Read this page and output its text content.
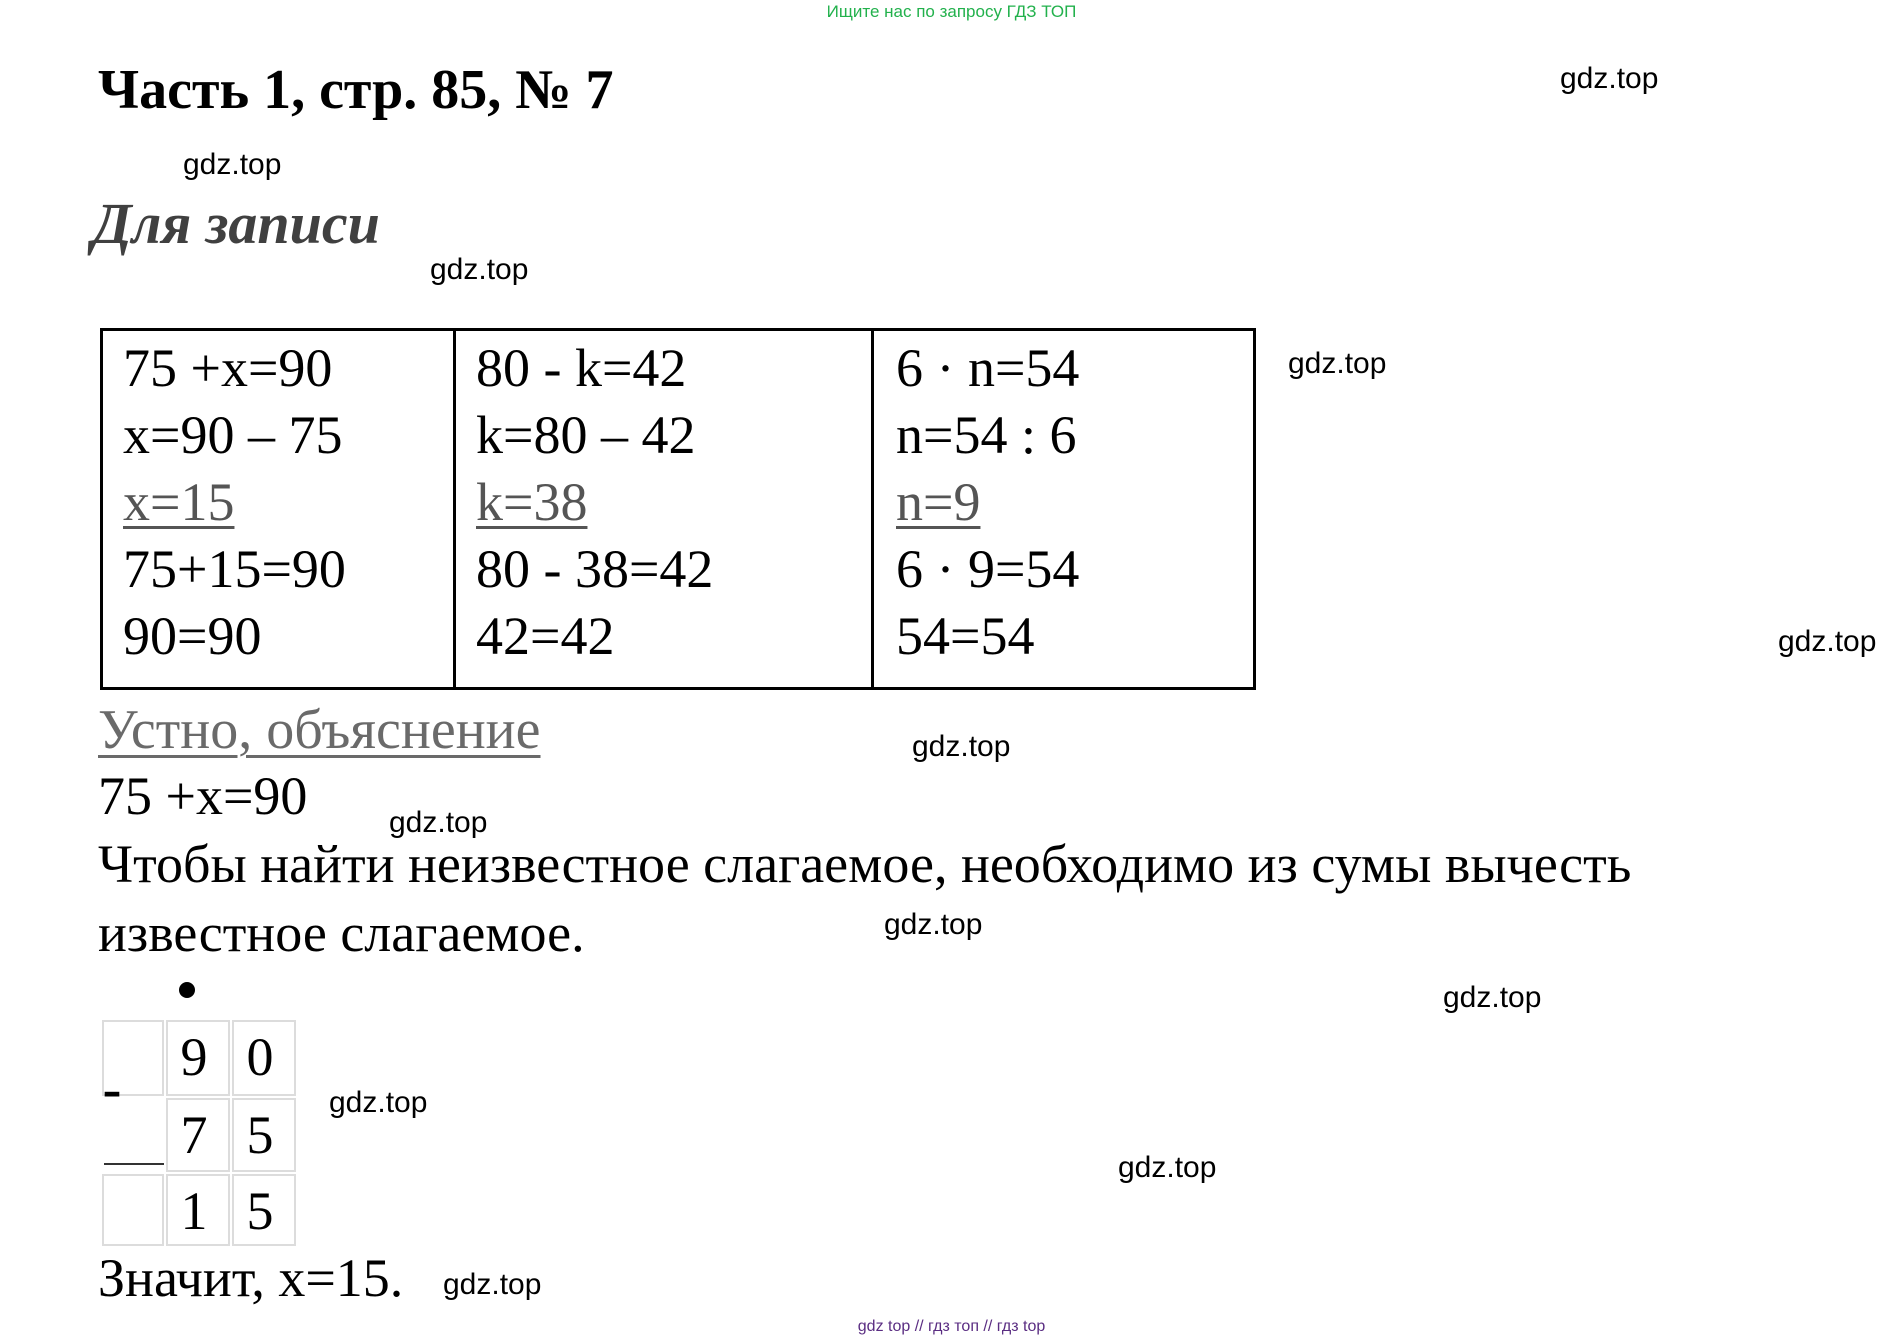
Ищите нас по запросу ГДЗ ТОП
Часть 1, стр. 85, № 7
Для записи
gdz.top
gdz.top
gdz.top
gdz.top
gdz.top
gdz.top
gdz.top
gdz.top
gdz.top
gdz.top
gdz.top
gdz.top
75 +x=90
x=90 – 75
x=15
75+15=90
90=90
80 - k=42
k=80 – 42
k=38
80 - 38=42
42=42
6 · n=54
n=54 : 6
n=9
6 · 9=54
54=54
Устно, объяснение
75 +x=90
Чтобы найти неизвестное слагаемое, необходимо из сумы вычесть известное слагаемое.
9 0
7 5
1 5
-
Значит, x=15.
gdz top // гдз топ // гдз top
